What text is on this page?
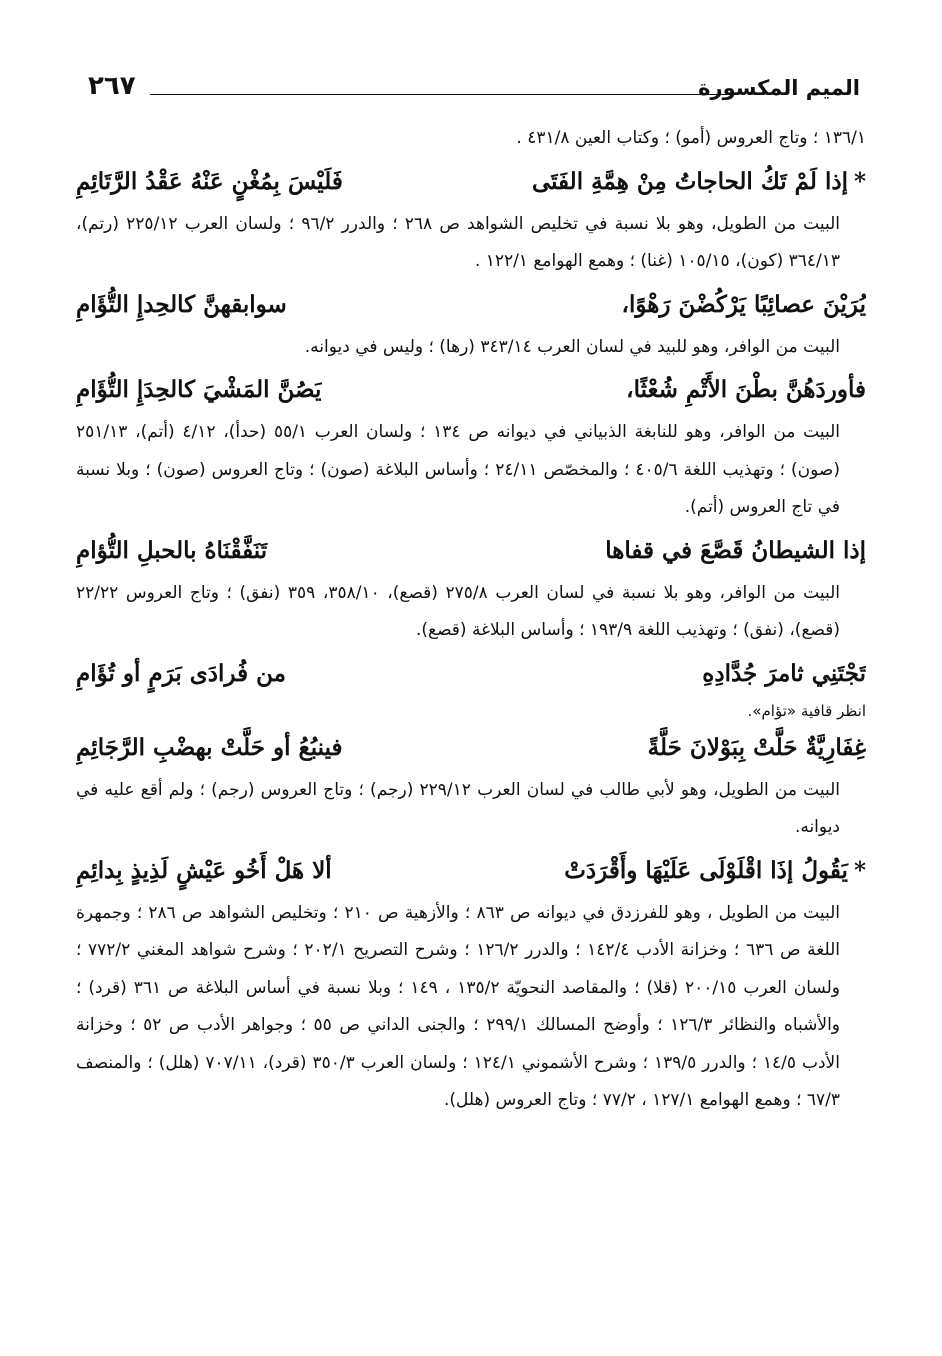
٢٦٧	الميم المكسورة

١٣٦/١ ؛ وتاج العروس (أمو) ؛ وكتاب العين ٤٣١/٨ .

*إذا لَمْ تَكُ الحاجاتُ مِنْ هِمَّةِ الفَتَى
فَلَيْسَ بِمُغْنٍ عَنْهُ عَقْدُ الرَّتَائِمِ

البيت من الطويل، وهو بلا نسبة في تخليص الشواهد ص ٢٦٨ ؛ والدرر ٩٦/٢ ؛ ولسان العرب ٢٢٥/١٢ (رتم)، ٣٦٤/١٣ (كون)، ١٠٥/١٥ (غنا) ؛ وهمع الهوامع ١٢٢/١ .

يُرَيْنَ عصائِبًا يَرْكُضْنَ رَهْوًا،
سوابقهنَّ كالحِدإِ التُّؤَامِ

البيت من الوافر، وهو للبيد في لسان العرب ٣٤٣/١٤ (رها) ؛ وليس في ديوانه.

فأوردَهُنَّ بطْنَ الأَتْمِ شُعْثًا،
يَصُنَّ المَشْيَ كالحِدَإِ التُّؤَامِ

البيت من الوافر، وهو للنابغة الذبياني في ديوانه ص ١٣٤ ؛ ولسان العرب ٥٥/١ (حدأ)، ٤/١٢ (أتم)، ٢٥١/١٣ (صون) ؛ وتهذيب اللغة ٤٠٥/٦ ؛ والمخصّص ٢٤/١١ ؛ وأساس البلاغة (صون) ؛ وتاج العروس (صون) ؛ وبلا نسبة في تاج العروس (أتم).

إذا الشيطانُ قَصَّعَ في قفاها
تَنَفَّقْنَاهُ بالحبلِ التُّؤامِ

البيت من الوافر، وهو بلا نسبة في لسان العرب ٢٧٥/٨ (قصع)، ٣٥٨/١٠، ٣٥٩ (نفق) ؛ وتاج العروس ٢٢/٢٢ (قصع)، (نفق) ؛ وتهذيب اللغة ١٩٣/٩ ؛ وأساس البلاغة (قصع).

تَجْتَنِي ثامرَ جُدَّادِهِ
من فُرادَى بَرَمٍ أو تُؤَامِ

انظر قافية «تؤام».

غِفَارِيَّةٌ حَلَّتْ بِبَوْلانَ حَلَّةً
فينبُعُ أو حَلَّتْ بهضْبِ الرَّجَائِمِ

البيت من الطويل، وهو لأبي طالب في لسان العرب ٢٢٩/١٢ (رجم) ؛ وتاج العروس (رجم) ؛ ولم أقع عليه في ديوانه.

*يَقُولُ إذَا اقْلَوْلَى عَلَيْهَا وأَقْرَدَتْ
ألا هَلْ أَخُو عَيْشٍ لَذِيذٍ بِدائِمِ

البيت من الطويل ، وهو للفرزدق في ديوانه ص ٨٦٣ ؛ والأزهية ص ٢١٠ ؛ وتخليص الشواهد ص ٢٨٦ ؛ وجمهرة اللغة ص ٦٣٦ ؛ وخزانة الأدب ١٤٢/٤ ؛ والدرر ١٢٦/٢ ؛ وشرح التصريح ٢٠٢/١ ؛ وشرح شواهد المغني ٧٧٢/٢ ؛ ولسان العرب ٢٠٠/١٥ (قلا) ؛ والمقاصد النحويّة ١٣٥/٢ ، ١٤٩ ؛ وبلا نسبة في أساس البلاغة ص ٣٦١ (قرد) ؛ والأشباه والنظائر ١٢٦/٣ ؛ وأوضح المسالك ٢٩٩/١ ؛ والجنى الداني ص ٥٥ ؛ وجواهر الأدب ص ٥٢ ؛ وخزانة الأدب ١٤/٥ ؛ والدرر ١٣٩/٥ ؛ وشرح الأشموني ١٢٤/١ ؛ ولسان العرب ٣٥٠/٣ (قرد)، ٧٠٧/١١ (هلل) ؛ والمنصف ٦٧/٣ ؛ وهمع الهوامع ١٢٧/١ ، ٧٧/٢ ؛ وتاج العروس (هلل).
